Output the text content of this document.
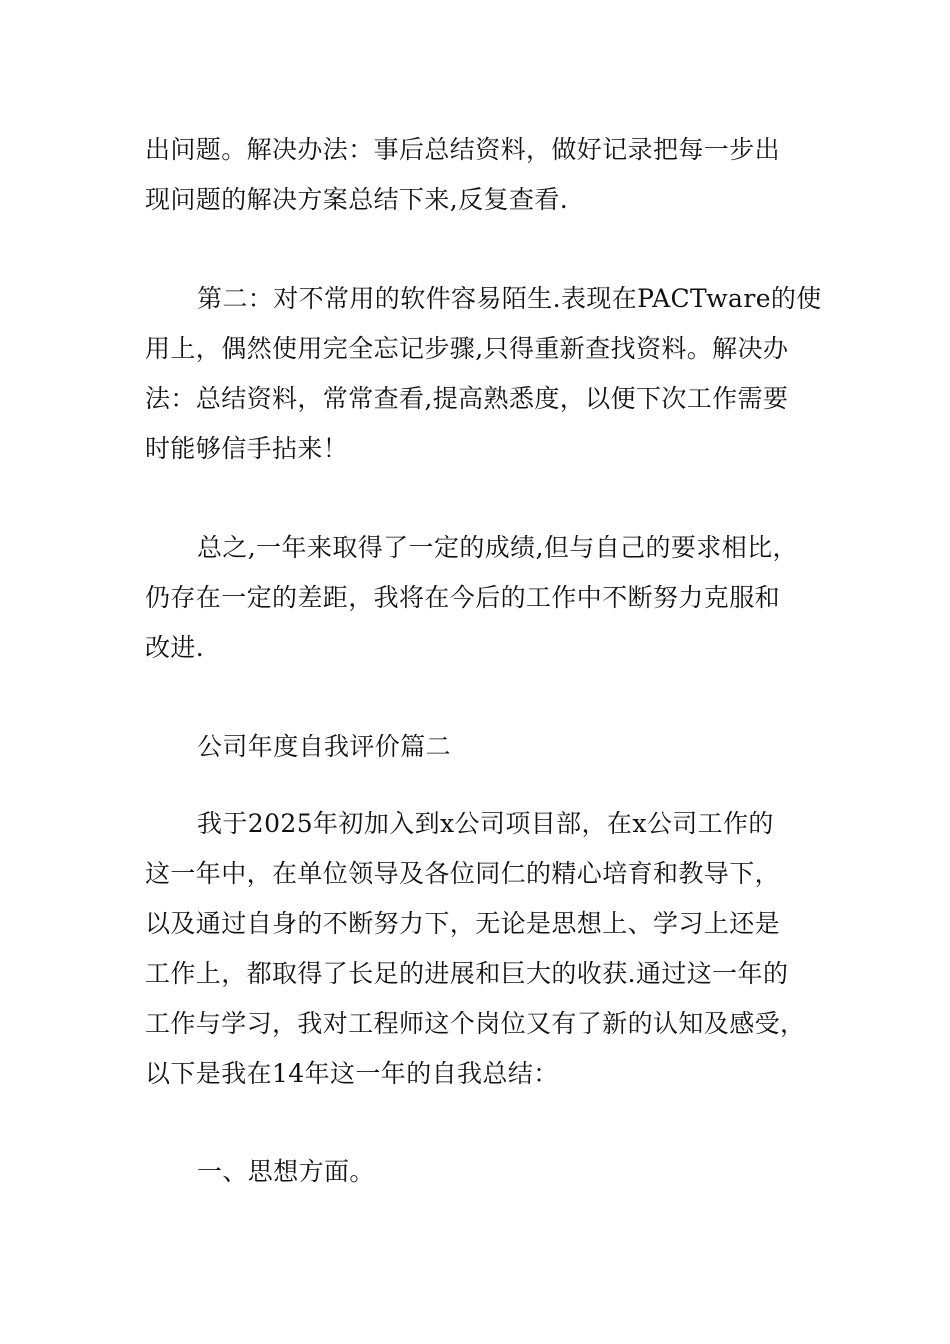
出问题。解决办法：事后总结资料，做好记录把每一步出
现问题的解决方案总结下来,反复查看.
第二：对不常用的软件容易陌生.表现在PACTware的使
用上，偶然使用完全忘记步骤,只得重新查找资料。解决办
法：总结资料，常常查看,提高熟悉度，以便下次工作需要
时能够信手拈来！
总之,一年来取得了一定的成绩,但与自己的要求相比，
仍存在一定的差距，我将在今后的工作中不断努力克服和
改进.
公司年度自我评价篇二
我于2025年初加入到x公司项目部，在x公司工作的
这一年中，在单位领导及各位同仁的精心培育和教导下，
以及通过自身的不断努力下，无论是思想上、学习上还是
工作上，都取得了长足的进展和巨大的收获.通过这一年的
工作与学习，我对工程师这个岗位又有了新的认知及感受，
以下是我在14年这一年的自我总结：
一、思想方面。
